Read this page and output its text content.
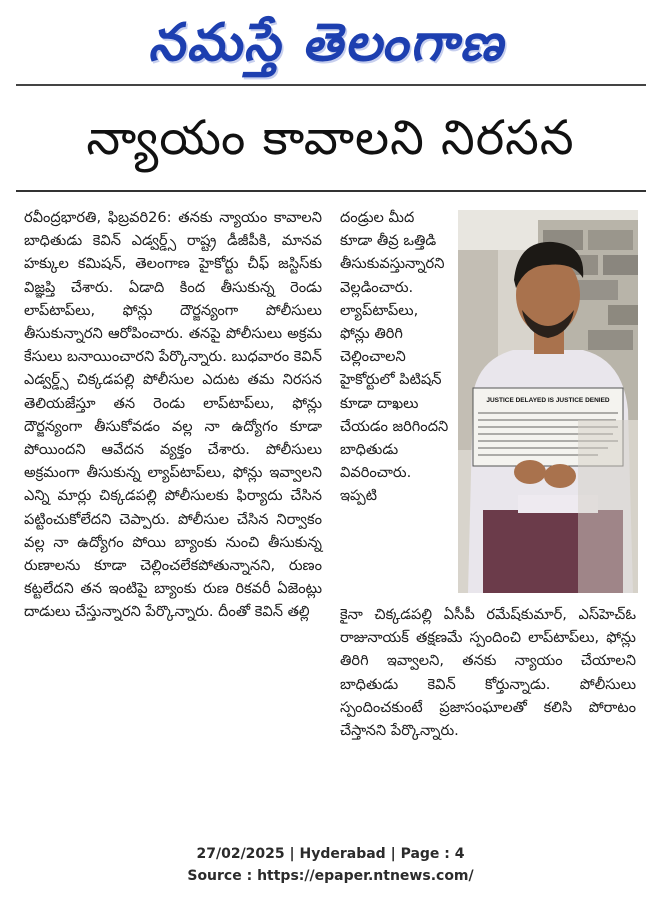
నమస్తే తెలంగాణ
న్యాయం కావాలని నిరసన

రవీంద్రభారతి, ఫిబ్రవరి26: తనకు న్యాయం కావాలని బాధితుడు కెవిన్ ఎడ్వర్డ్స్ రాష్ట్ర డీజీపీకి, మానవ హక్కుల కమిషన్, తెలంగాణ హైకోర్టు చీఫ్ జస్టిస్‌కు విజ్ఞప్తి చేశారు. ఏడాది కింద తీసుకున్న రెండు లాప్‌టాప్‌లు, ఫోన్లు దౌర్జన్యంగా పోలీసులు తీసుకున్నారని ఆరోపించారు. తనపై పోలీసులు అక్రమ కేసులు బనాయించారని పేర్కొన్నారు. బుధవారం కెవిన్ ఎడ్వర్డ్స్ చిక్కడపల్లి పోలీసుల ఎదుట తమ నిరసన తెలియజేస్తూ తన రెండు లాప్‌టాప్‌లు, ఫోన్లు దౌర్జన్యంగా తీసుకోవడం వల్ల నా ఉద్యోగం కూడా పోయిందని ఆవేదన వ్యక్తం చేశారు. పోలీసులు అక్రమంగా తీసుకున్న ల్యాప్‌టాప్‌లు, ఫోన్లు ఇవ్వాలని ఎన్ని మార్లు చిక్కడపల్లి పోలీసులకు ఫిర్యాదు చేసిన పట్టించుకోలేదని చెప్పారు. పోలీసుల చేసిన నిర్వాకం వల్ల నా ఉద్యోగం పోయి బ్యాంకు నుంచి తీసుకున్న రుణాలను కూడా చెల్లించలేకపోతున్నానని, రుణం కట్టలేదని తన ఇంటిపై బ్యాంకు రుణ రికవరీ ఏజెంట్లు దాడులు చేస్తున్నారని పేర్కొన్నారు. దీంతో కెవిన్ తల్లి

దండ్రుల మీద కూడా తీవ్ర ఒత్తిడి తీసుకువస్తున్నారని వెల్లడించారు. ల్యాప్‌టాప్‌లు, ఫోన్లు తిరిగి చెల్లించాలని హైకోర్టులో పిటిషన్ కూడా దాఖలు చేయడం జరిగిందని బాధితుడు వివరించారు. ఇప్పటి

JUSTICE DELAYED IS JUSTICE DENIED

కైనా చిక్కడపల్లి ఏసీపీ రమేష్‌కుమార్, ఎస్‌హెచ్‌ఓ రాజునాయక్ తక్షణమే స్పందించి లాప్‌టాప్‌లు, ఫోన్లు తిరిగి ఇవ్వాలని, తనకు న్యాయం చేయాలని బాధితుడు కెవిన్ కోర్తున్నాడు. పోలీసులు స్పందించకుంటే ప్రజాసంఘాలతో కలిసి పోరాటం చేస్తానని పేర్కొన్నారు.

27/02/2025 | Hyderabad | Page : 4
Source : https://epaper.ntnews.com/
